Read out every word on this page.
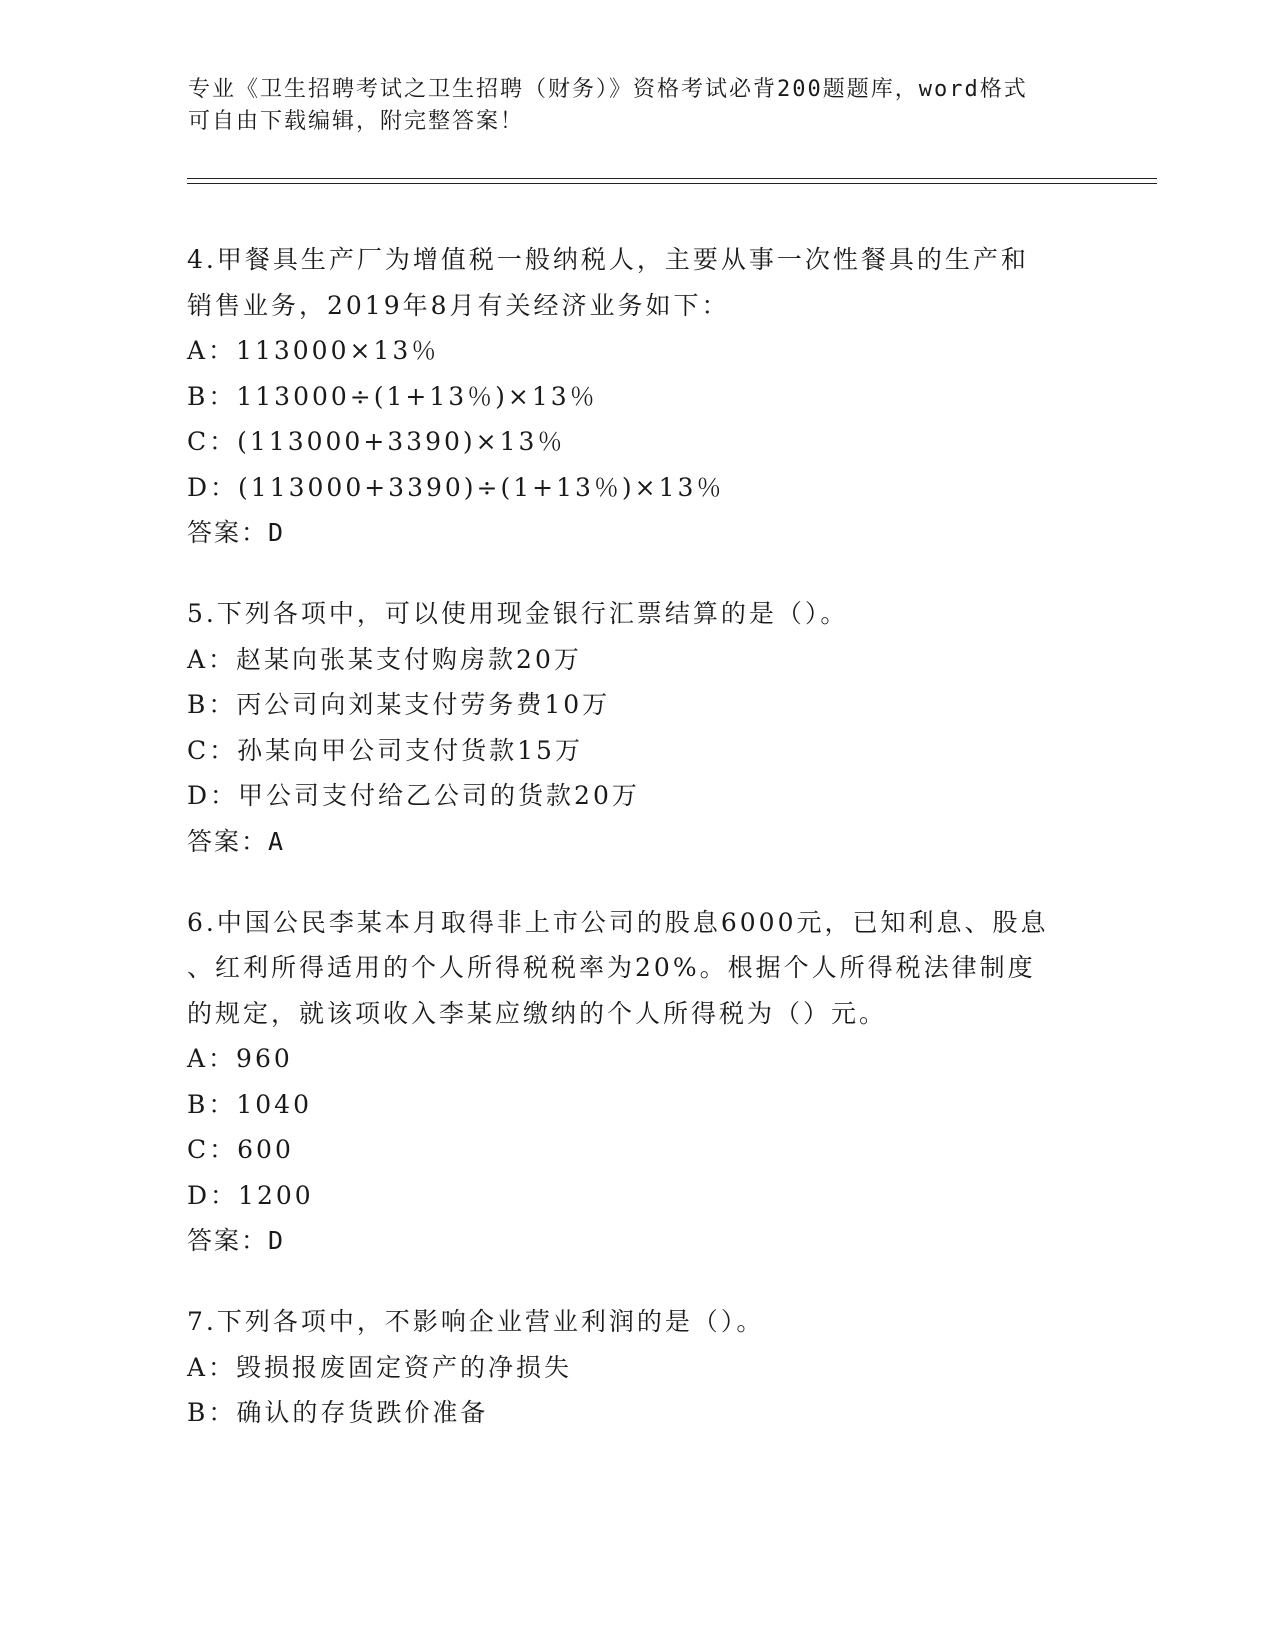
专业《卫生招聘考试之卫生招聘（财务）》资格考试必背200题题库，word格式
可自由下载编辑，附完整答案！
4.甲餐具生产厂为增值税一般纳税人，主要从事一次性餐具的生产和
销售业务，2019年8月有关经济业务如下：
A：113000×13％
B：113000÷(1+13％)×13％
C：(113000+3390)×13％
D：(113000+3390)÷(1+13％)×13％
答案：D
5.下列各项中，可以使用现金银行汇票结算的是（）。
A：赵某向张某支付购房款20万
B：丙公司向刘某支付劳务费10万
C：孙某向甲公司支付货款15万
D：甲公司支付给乙公司的货款20万
答案：A
6.中国公民李某本月取得非上市公司的股息6000元，已知利息、股息
、红利所得适用的个人所得税税率为20%。根据个人所得税法律制度
的规定，就该项收入李某应缴纳的个人所得税为（）元。
A：960
B：1040
C：600
D：1200
答案：D
7.下列各项中，不影响企业营业利润的是（）。
A：毁损报废固定资产的净损失
B：确认的存货跌价准备
